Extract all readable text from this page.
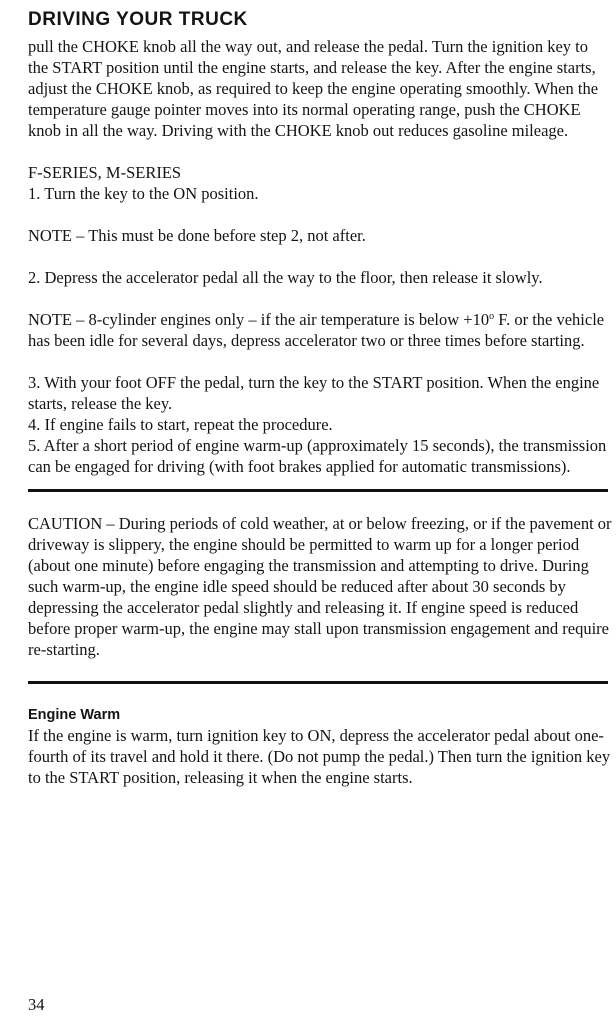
DRIVING YOUR TRUCK

pull the CHOKE knob all the way out, and release the pedal. Turn the ignition key to the START position until the engine starts, and release the key. After the engine starts, adjust the CHOKE knob, as required to keep the engine operating smoothly. When the temperature gauge pointer moves into its normal operating range, push the CHOKE knob in all the way. Driving with the CHOKE knob out reduces gasoline mileage.

F-SERIES, M-SERIES

1. Turn the key to the ON position.

NOTE – This must be done before step 2, not after.

2. Depress the accelerator pedal all the way to the floor, then release it slowly.

NOTE – 8-cylinder engines only – if the air temperature is below $+10^o$ F. or the vehicle has been idle for several days, depress accelerator two or three times before starting.

3. With your foot OFF the pedal, turn the key to the START position. When the engine starts, release the key.

4. If engine fails to start, repeat the procedure.

5. After a short period of engine warm-up (approximately 15 seconds), the transmission can be engaged for driving (with foot brakes applied for automatic transmissions).

CAUTION – During periods of cold weather, at or below freezing, or if the pavement or driveway is slippery, the engine should be permitted to warm up for a longer period (about one minute) before engaging the transmission and attempting to drive. During such warm-up, the engine idle speed should be reduced after about 30 seconds by depressing the accelerator pedal slightly and releasing it. If engine speed is reduced before proper warm-up, the engine may stall upon transmission engagement and require re-starting.

Engine Warm

If the engine is warm, turn ignition key to ON, depress the accelerator pedal about one-fourth of its travel and hold it there. (Do not pump the pedal.) Then turn the ignition key to the START position, releasing it when the engine starts.

34
